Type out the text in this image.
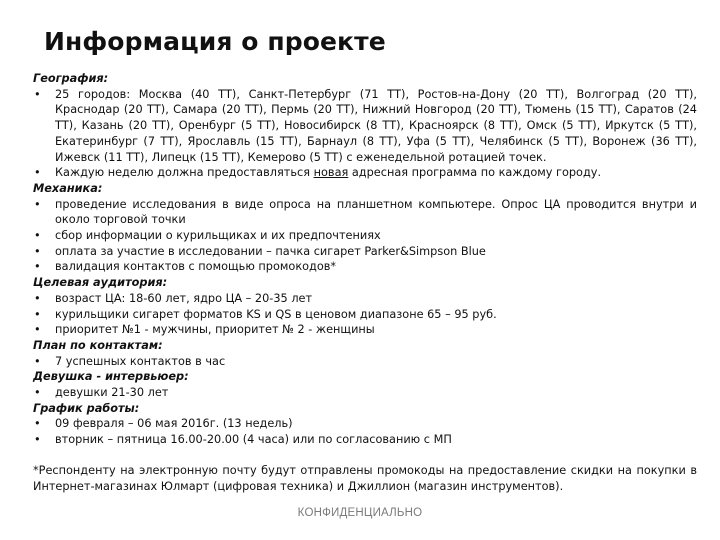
Информация о проекте
География:
• 25 городов: Москва (40 ТТ), Санкт-Петербург (71 ТТ), Ростов-на-Дону (20 ТТ), Волгоград (20 ТТ), Краснодар (20 ТТ), Самара (20 ТТ), Пермь (20 ТТ), Нижний Новгород (20 ТТ), Тюмень (15 ТТ), Саратов (24 ТТ), Казань (20 ТТ), Оренбург (5 ТТ), Новосибирск (8 ТТ), Красноярск (8 ТТ), Омск (5 ТТ), Иркутск (5 ТТ), Екатеринбург (7 ТТ), Ярославль (15 ТТ), Барнаул (8 ТТ), Уфа (5 ТТ), Челябинск (5 ТТ), Воронеж (36 ТТ), Ижевск (11 ТТ), Липецк (15 ТТ), Кемерово (5 ТТ) с еженедельной ротацией точек.
• Каждую неделю должна предоставляться новая адресная программа по каждому городу.
Механика:
• проведение исследования в виде опроса на планшетном компьютере. Опрос ЦА проводится внутри и около торговой точки
• сбор информации о курильщиках и их предпочтениях
• оплата за участие в исследовании – пачка сигарет Parker&Simpson Blue
• валидация контактов с помощью промокодов*
Целевая аудитория:
• возраст ЦА: 18-60 лет, ядро ЦА – 20-35 лет
• курильщики сигарет форматов KS и QS в ценовом диапазоне 65 – 95 руб.
• приоритет №1 - мужчины, приоритет № 2 - женщины
План по контактам:
• 7 успешных контактов в час
Девушка - интервьюер:
• девушки 21-30 лет
График работы:
• 09 февраля – 06 мая 2016г. (13 недель)
• вторник – пятница 16.00-20.00 (4 часа) или по согласованию с МП
*Респонденту на электронную почту будут отправлены промокоды на предоставление скидки на покупки в Интернет-магазинах Юлмарт (цифровая техника) и Джиллион (магазин инструментов).
КОНФИДЕНЦИАЛЬНО
